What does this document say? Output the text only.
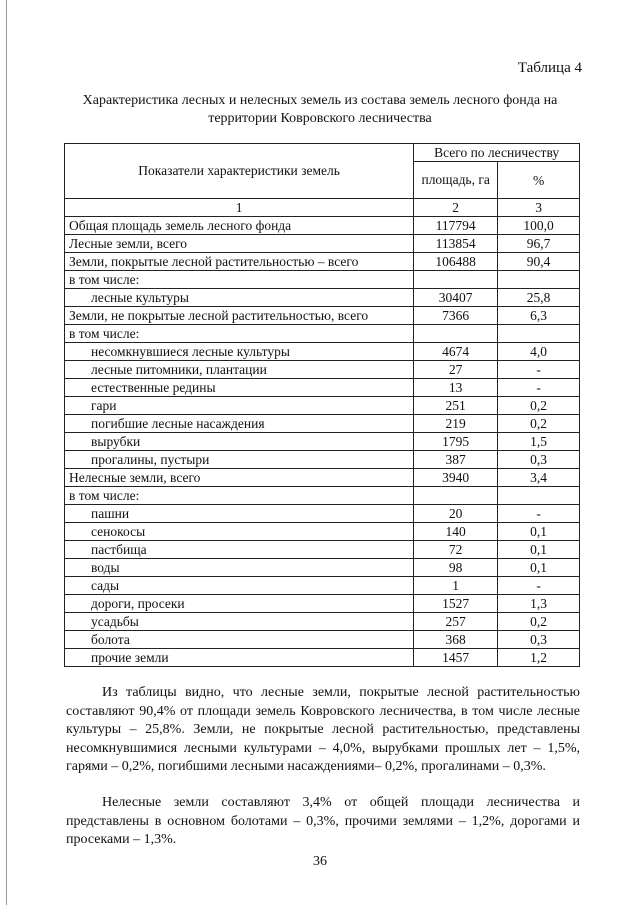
Таблица 4
Характеристика лесных и нелесных земель из состава земель лесного фонда на территории Ковровского лесничества
Показатели характеристики земель	Всего по лесничеству	
	площадь, га	%
1	2	3
Общая площадь земель лесного фонда	117794	100,0
Лесные земли, всего	113854	96,7
Земли, покрытые лесной растительностью – всего	106488	90,4
в том числе:		
лесные культуры	30407	25,8
Земли, не покрытые лесной растительностью, всего	7366	6,3
в том числе:		
несомкнувшиеся лесные культуры	4674	4,0
лесные питомники, плантации	27	-
естественные редины	13	-
гари	251	0,2
погибшие лесные насаждения	219	0,2
вырубки	1795	1,5
прогалины, пустыри	387	0,3
Нелесные земли, всего	3940	3,4
в том числе:		
пашни	20	-
сенокосы	140	0,1
пастбища	72	0,1
воды	98	0,1
сады	1	-
дороги, просеки	1527	1,3
усадьбы	257	0,2
болота	368	0,3
прочие земли	1457	1,2
Из таблицы видно, что лесные земли, покрытые лесной растительностью составляют 90,4% от площади земель Ковровского лесничества, в том числе лесные культуры – 25,8%. Земли, не покрытые лесной растительностью, представлены несомкнувшимися лесными культурами – 4,0%, вырубками прошлых лет – 1,5%, гарями – 0,2%, погибшими лесными насаждениями– 0,2%, прогалинами – 0,3%.
Нелесные земли составляют 3,4% от общей площади лесничества и представлены в основном болотами – 0,3%, прочими землями – 1,2%, дорогами и просеками – 1,3%.
36
